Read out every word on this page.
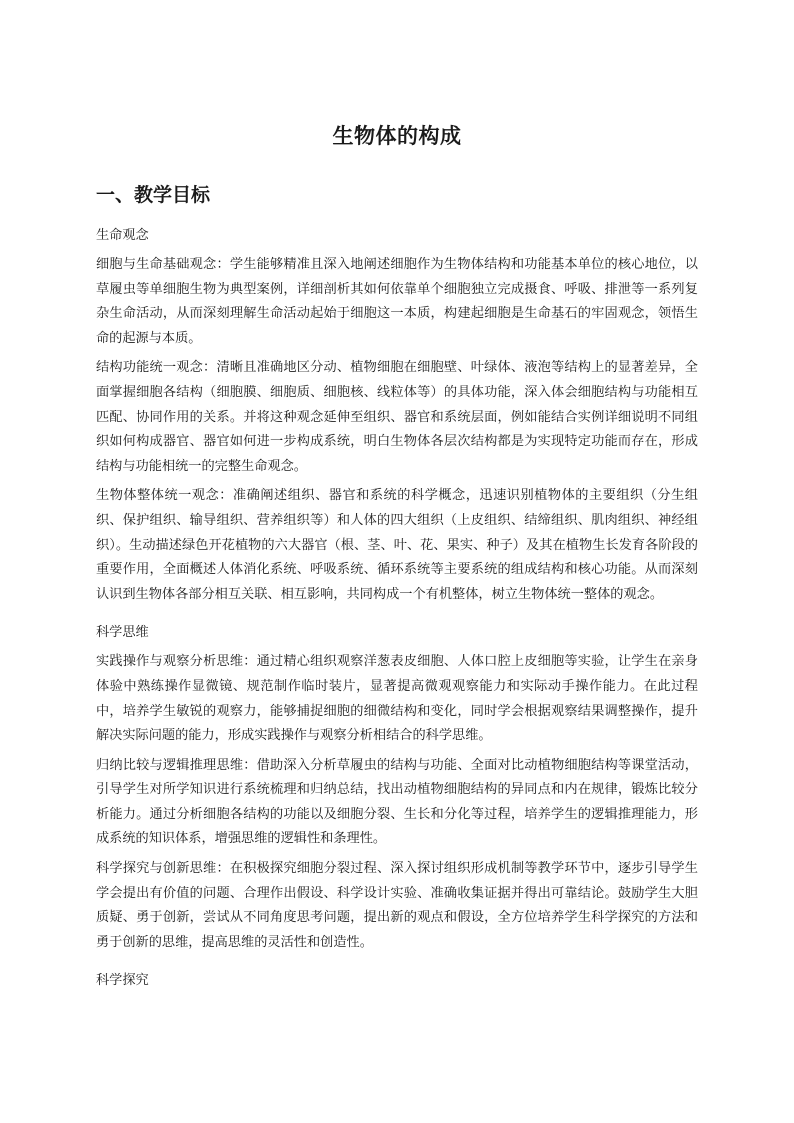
生物体的构成
一、教学目标
生命观念

细胞与生命基础观念：学生能够精准且深入地阐述细胞作为生物体结构和功能基本单位的核心地位，以草履虫等单细胞生物为典型案例，详细剖析其如何依靠单个细胞独立完成摄食、呼吸、排泄等一系列复杂生命活动，从而深刻理解生命活动起始于细胞这一本质，构建起细胞是生命基石的牢固观念，领悟生命的起源与本质。

结构功能统一观念：清晰且准确地区分动、植物细胞在细胞壁、叶绿体、液泡等结构上的显著差异，全面掌握细胞各结构（细胞膜、细胞质、细胞核、线粒体等）的具体功能，深入体会细胞结构与功能相互匹配、协同作用的关系。并将这种观念延伸至组织、器官和系统层面，例如能结合实例详细说明不同组织如何构成器官、器官如何进一步构成系统，明白生物体各层次结构都是为实现特定功能而存在，形成结构与功能相统一的完整生命观念。

生物体整体统一观念：准确阐述组织、器官和系统的科学概念，迅速识别植物体的主要组织（分生组织、保护组织、输导组织、营养组织等）和人体的四大组织（上皮组织、结缔组织、肌肉组织、神经组织）。生动描述绿色开花植物的六大器官（根、茎、叶、花、果实、种子）及其在植物生长发育各阶段的重要作用，全面概述人体消化系统、呼吸系统、循环系统等主要系统的组成结构和核心功能。从而深刻认识到生物体各部分相互关联、相互影响，共同构成一个有机整体，树立生物体统一整体的观念。

科学思维

实践操作与观察分析思维：通过精心组织观察洋葱表皮细胞、人体口腔上皮细胞等实验，让学生在亲身体验中熟练操作显微镜、规范制作临时装片，显著提高微观观察能力和实际动手操作能力。在此过程中，培养学生敏锐的观察力，能够捕捉细胞的细微结构和变化，同时学会根据观察结果调整操作，提升解决实际问题的能力，形成实践操作与观察分析相结合的科学思维。

归纳比较与逻辑推理思维：借助深入分析草履虫的结构与功能、全面对比动植物细胞结构等课堂活动，引导学生对所学知识进行系统梳理和归纳总结，找出动植物细胞结构的异同点和内在规律，锻炼比较分析能力。通过分析细胞各结构的功能以及细胞分裂、生长和分化等过程，培养学生的逻辑推理能力，形成系统的知识体系，增强思维的逻辑性和条理性。

科学探究与创新思维：在积极探究细胞分裂过程、深入探讨组织形成机制等教学环节中，逐步引导学生学会提出有价值的问题、合理作出假设、科学设计实验、准确收集证据并得出可靠结论。鼓励学生大胆质疑、勇于创新，尝试从不同角度思考问题，提出新的观点和假设，全方位培养学生科学探究的方法和勇于创新的思维，提高思维的灵活性和创造性。

科学探究
